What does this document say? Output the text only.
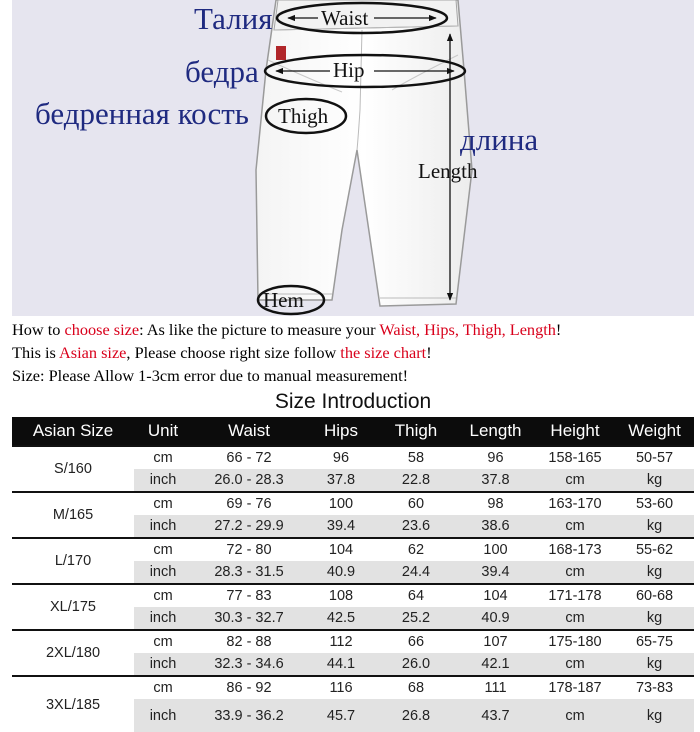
Талия
бедра
бедренная кость
длина
Waist
Hip
Thigh
Length
Hem
How to choose size: As like the picture to measure your Waist, Hips, Thigh, Length!
This is Asian size, Please choose right size follow the size chart!
Size: Please Allow 1-3cm error due to manual measurement!
Size Introduction							
Asian Size	Unit	Waist	Hips	Thigh	Length	Height	Weight
S/160	cm	66 - 72	96	58	96	158-165	50-57
	inch	26.0 - 28.3	37.8	22.8	37.8	cm	kg
M/165	cm	69 - 76	100	60	98	163-170	53-60
	inch	27.2 - 29.9	39.4	23.6	38.6	cm	kg
L/170	cm	72 - 80	104	62	100	168-173	55-62
	inch	28.3 - 31.5	40.9	24.4	39.4	cm	kg
XL/175	cm	77 - 83	108	64	104	171-178	60-68
	inch	30.3 - 32.7	42.5	25.2	40.9	cm	kg
2XL/180	cm	82 - 88	112	66	107	175-180	65-75
	inch	32.3 - 34.6	44.1	26.0	42.1	cm	kg
3XL/185	cm	86 - 92	116	68	111	178-187	73-83
	inch	33.9 - 36.2	45.7	26.8	43.7	cm	kg
